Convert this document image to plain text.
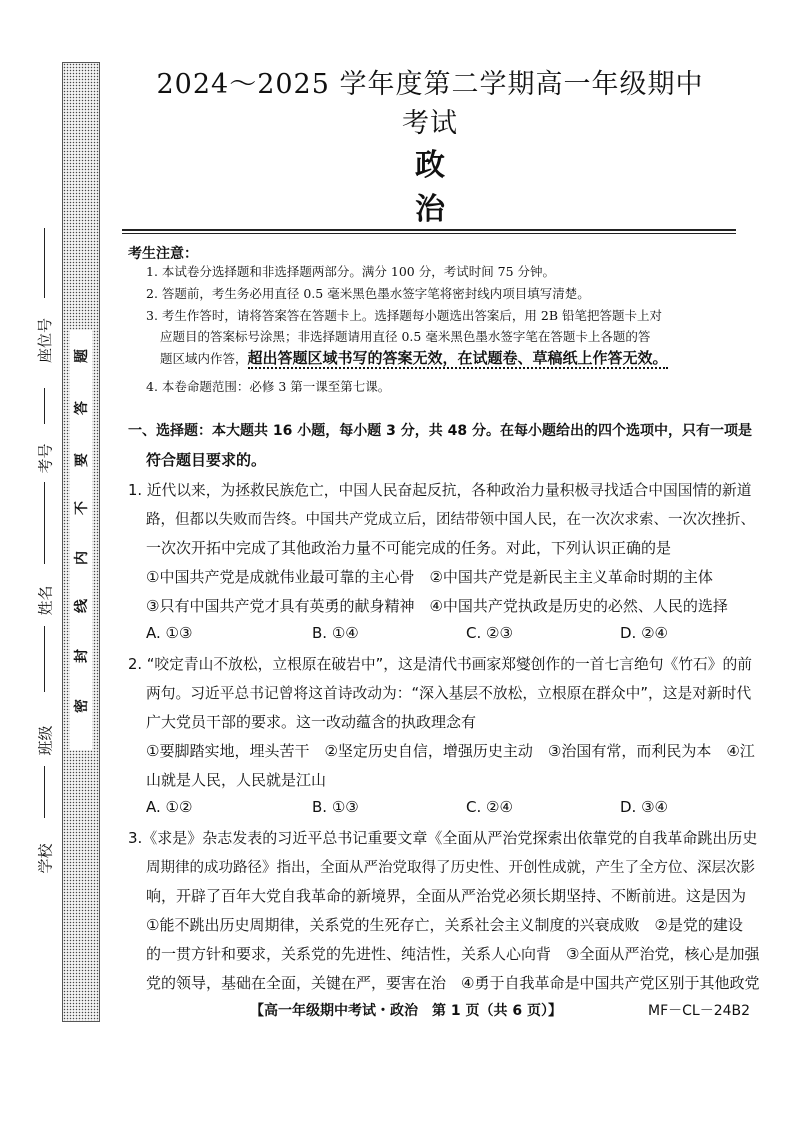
题
答
要
不
内
线
封
密
座位号
考号
姓名
班级
学校
2024～2025 学年度第二学期高一年级期中考试
政治
考生注意：
1. 本试卷分选择题和非选择题两部分。满分 100 分，考试时间 75 分钟。
2. 答题前，考生务必用直径 0.5 毫米黑色墨水签字笔将密封线内项目填写清楚。
3. 考生作答时，请将答案答在答题卡上。选择题每小题选出答案后，用 2B 铅笔把答题卡上对
应题目的答案标号涂黑；非选择题请用直径 0.5 毫米黑色墨水签字笔在答题卡上各题的答
题区域内作答，超出答题区域书写的答案无效，在试题卷、草稿纸上作答无效。
4. 本卷命题范围：必修 3 第一课至第七课。
一、选择题：本大题共 16 小题，每小题 3 分，共 48 分。在每小题给出的四个选项中，只有一项是
符合题目要求的。
1. 近代以来，为拯救民族危亡，中国人民奋起反抗，各种政治力量积极寻找适合中国国情的新道
路，但都以失败而告终。中国共产党成立后，团结带领中国人民，在一次次求索、一次次挫折、
一次次开拓中完成了其他政治力量不可能完成的任务。对此，下列认识正确的是
①中国共产党是成就伟业最可靠的主心骨　②中国共产党是新民主主义革命时期的主体
③只有中国共产党才具有英勇的献身精神　④中国共产党执政是历史的必然、人民的选择
A. ①③	B. ①④	C. ②③	D. ②④
2. “咬定青山不放松，立根原在破岩中”，这是清代书画家郑燮创作的一首七言绝句《竹石》的前
两句。习近平总书记曾将这首诗改动为：“深入基层不放松，立根原在群众中”，这是对新时代
广大党员干部的要求。这一改动蕴含的执政理念有
①要脚踏实地，埋头苦干　②坚定历史自信，增强历史主动　③治国有常，而利民为本　④江
山就是人民，人民就是江山
A. ①②	B. ①③	C. ②④	D. ③④
3.《求是》杂志发表的习近平总书记重要文章《全面从严治党探索出依靠党的自我革命跳出历史
周期律的成功路径》指出，全面从严治党取得了历史性、开创性成就，产生了全方位、深层次影
响，开辟了百年大党自我革命的新境界，全面从严治党必须长期坚持、不断前进。这是因为
①能不跳出历史周期律，关系党的生死存亡，关系社会主义制度的兴衰成败　②是党的建设
的一贯方针和要求，关系党的先进性、纯洁性，关系人心向背　③全面从严治党，核心是加强
党的领导，基础在全面，关键在严，要害在治　④勇于自我革命是中国共产党区别于其他政党
【高一年级期中考试・政治　第 1 页（共 6 页）】	MF－CL－24B2
